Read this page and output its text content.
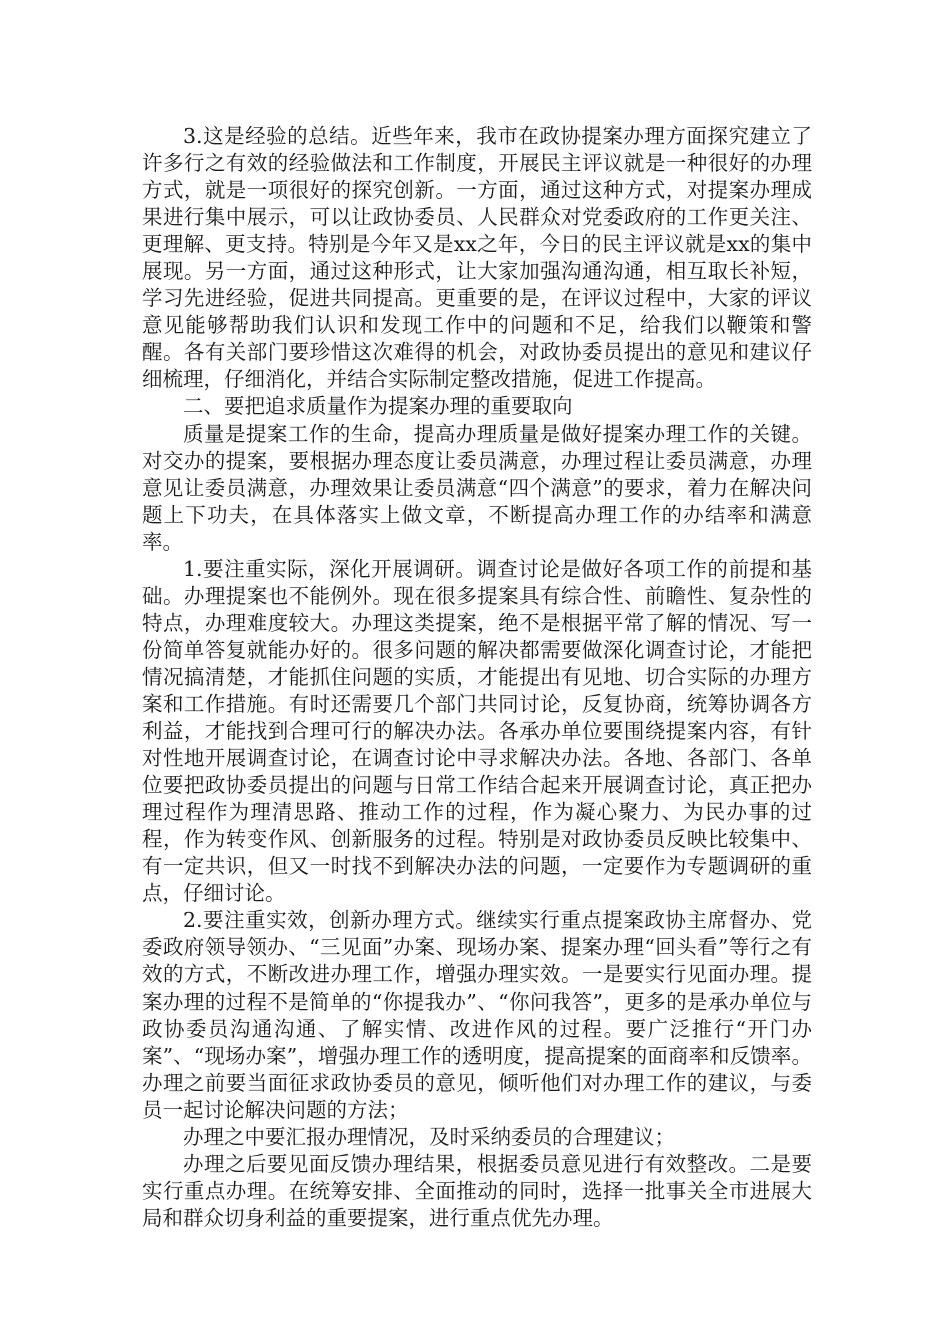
3.这是经验的总结。近些年来，我市在政协提案办理方面探究建立了许多行之有效的经验做法和工作制度，开展民主评议就是一种很好的办理方式，就是一项很好的探究创新。一方面，通过这种方式，对提案办理成果进行集中展示，可以让政协委员、人民群众对党委政府的工作更关注、更理解、更支持。特别是今年又是xx之年，今日的民主评议就是xx的集中展现。另一方面，通过这种形式，让大家加强沟通沟通，相互取长补短，学习先进经验，促进共同提高。更重要的是，在评议过程中，大家的评议意见能够帮助我们认识和发现工作中的问题和不足，给我们以鞭策和警醒。各有关部门要珍惜这次难得的机会，对政协委员提出的意见和建议仔细梳理，仔细消化，并结合实际制定整改措施，促进工作提高。

二、要把追求质量作为提案办理的重要取向

质量是提案工作的生命，提高办理质量是做好提案办理工作的关键。对交办的提案，要根据办理态度让委员满意，办理过程让委员满意，办理意见让委员满意，办理效果让委员满意“四个满意”的要求，着力在解决问题上下功夫，在具体落实上做文章，不断提高办理工作的办结率和满意率。

1.要注重实际，深化开展调研。调查讨论是做好各项工作的前提和基础。办理提案也不能例外。现在很多提案具有综合性、前瞻性、复杂性的特点，办理难度较大。办理这类提案，绝不是根据平常了解的情况、写一份简单答复就能办好的。很多问题的解决都需要做深化调查讨论，才能把情况搞清楚，才能抓住问题的实质，才能提出有见地、切合实际的办理方案和工作措施。有时还需要几个部门共同讨论，反复协商，统筹协调各方利益，才能找到合理可行的解决办法。各承办单位要围绕提案内容，有针对性地开展调查讨论，在调查讨论中寻求解决办法。各地、各部门、各单位要把政协委员提出的问题与日常工作结合起来开展调查讨论，真正把办理过程作为理清思路、推动工作的过程，作为凝心聚力、为民办事的过程，作为转变作风、创新服务的过程。特别是对政协委员反映比较集中、有一定共识，但又一时找不到解决办法的问题，一定要作为专题调研的重点，仔细讨论。

2.要注重实效，创新办理方式。继续实行重点提案政协主席督办、党委政府领导领办、“三见面”办案、现场办案、提案办理“回头看”等行之有效的方式，不断改进办理工作，增强办理实效。一是要实行见面办理。提案办理的过程不是简单的“你提我办”、“你问我答”，更多的是承办单位与政协委员沟通沟通、了解实情、改进作风的过程。要广泛推行“开门办案”、“现场办案”，增强办理工作的透明度，提高提案的面商率和反馈率。办理之前要当面征求政协委员的意见，倾听他们对办理工作的建议，与委员一起讨论解决问题的方法；

办理之中要汇报办理情况，及时采纳委员的合理建议；

办理之后要见面反馈办理结果，根据委员意见进行有效整改。二是要实行重点办理。在统筹安排、全面推动的同时，选择一批事关全市进展大局和群众切身利益的重要提案，进行重点优先办理。
